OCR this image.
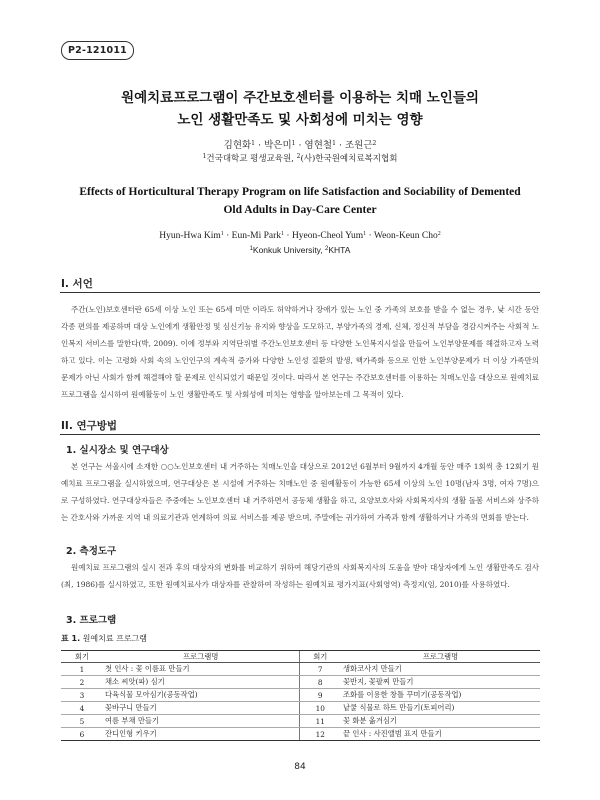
P2-121011
원예치료프로그램이 주간보호센터를 이용하는 치매 노인들의
노인 생활만족도 및 사회성에 미치는 영향
김현화$^1$ · 박은미$^1$ · 염현철$^1$ · 조원근$^2$
$^1$건국대학교 평생교육원, $^2$(사)한국원예치료복지협회
Effects of Horticultural Therapy Program on life Satisfaction and Sociability of Demented
Old Adults in Day-Care Center
Hyun-Hwa Kim$^1$ · Eun-Mi Park$^1$ · Hyeon-Cheol Yum$^1$ · Weon-Keun Cho$^2$
$^1$Konkuk University, $^2$KHTA
I. 서언
주간(노인)보호센터란 65세 이상 노인 또는 65세 미만 이라도 허약하거나 장애가 있는 노인 중 가족의 보호를 받을 수 없는 경우, 낮 시간 동안 각종 편의를 제공하며 대상 노인에게 생활안정 및 심신기능 유지와 향상을 도모하고, 부양가족의 경제, 신체, 정신적 부담을 경감시켜주는 사회적 노인복지 서비스를 말한다(박, 2009). 이에 정부와 지역단위별 주간노인보호센터 등 다양한 노인복지시설을 만들어 노인부양문제를 해결하고자 노력하고 있다. 이는 고령화 사회 속의 노인인구의 계속적 증가와 다양한 노인성 질환의 발생, 핵가족화 등으로 인한 노인부양문제가 더 이상 가족만의 문제가 아닌 사회가 함께 해결해야 할 문제로 인식되었기 때문일 것이다. 따라서 본 연구는 주간보호센터를 이용하는 치매노인을 대상으로 원예치료 프로그램을 실시하여 원예활동이 노인 생활만족도 및 사회성에 미치는 영향을 알아보는데 그 목적이 있다.
II. 연구방법
1. 실시장소 및 연구대상
본 연구는 서울시에 소재한 ○○노인보호센터 내 거주하는 치매노인을 대상으로 2012년 6월부터 9월까지 4개월 동안 매주 1회씩 총 12회기 원예치료 프로그램을 실시하였으며, 연구대상은 본 시설에 거주하는 치매노인 중 원예활동이 가능한 65세 이상의 노인 10명(남자 3명, 여자 7명)으로 구성하였다. 연구대상자들은 주중에는 노인보호센터 내 거주하면서 공동체 생활을 하고, 요양보호사와 사회복지사의 생활 돌봄 서비스와 상주하는 간호사와 가까운 지역 내 의료기관과 연계하여 의료 서비스를 제공 받으며, 주말에는 귀가하여 가족과 함께 생활하거나 가족의 면회를 받는다.
2. 측정도구
원예치료 프로그램의 실시 전과 후의 대상자의 변화를 비교하기 위하여 해당기관의 사회복지사의 도움을 받아 대상자에게 노인 생활만족도 검사(최, 1986)를 실시하였고, 또한 원예치료사가 대상자를 관찰하여 작성하는 원예치료 평가지표(사회영역) 측정지(임, 2010)를 사용하였다.
3. 프로그램
표 1. 원예치료 프로그램
회기	프로그램명	회기	프로그램명
1	첫 인사 : 꽃 이름표 만들기	7	생화코사지 만들기
2	채소 씨앗(파) 심기	8	꽃반지, 꽃팔찌 만들기
3	다육식물 모아심기(공동작업)	9	조화를 이용한 창틀 꾸미기(공동작업)
4	꽃바구니 만들기	10	낱쿨 식물로 하트 만들기(토피어리)
5	여름 부채 만들기	11	꽃 화분 옮겨심기
6	잔디인형 키우기	12	끝 인사 : 사진앨범 표지 만들기
84
